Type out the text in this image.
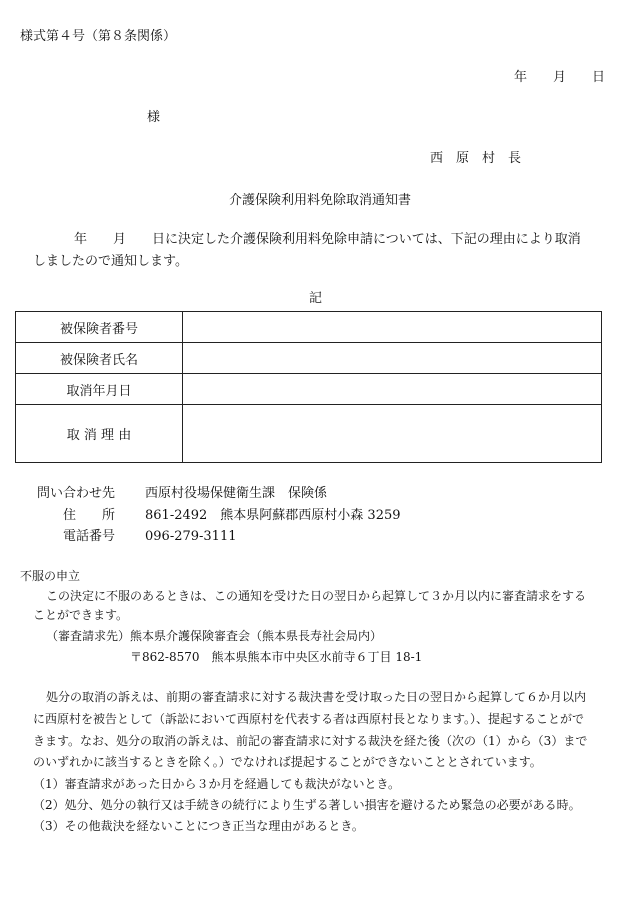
様式第４号（第８条関係）
年　　月　　日
様
西　原　村　長
介護保険利用料免除取消通知書
年　　月　　日に決定した介護保険利用料免除申請については、下記の理由により取消
しましたので通知します。
記
被保険者番号	
被保険者氏名	
取消年月日	
取 消 理 由	
問い合わせ先 西原村役場保健衛生課　保険係
住　　所 861-2492　熊本県阿蘇郡西原村小森 3259
電話番号 096-279-3111
不服の申立
この決定に不服のあるときは、この通知を受けた日の翌日から起算して３か月以内に審査請求をする
ことができます。
（審査請求先）熊本県介護保険審査会（熊本県長寿社会局内）
〒862-8570　熊本県熊本市中央区水前寺６丁目 18-1
処分の取消の訴えは、前期の審査請求に対する裁決書を受け取った日の翌日から起算して６か月以内
に西原村を被告として（訴訟において西原村を代表する者は西原村長となります。）、提起することがで
きます。なお、処分の取消の訴えは、前記の審査請求に対する裁決を経た後（次の（1）から（3）まで
のいずれかに該当するときを除く。）でなければ提起することができないこととされています。
（1）審査請求があった日から３か月を経過しても裁決がないとき。
（2）処分、処分の執行又は手続きの続行により生ずる著しい損害を避けるため緊急の必要がある時。
（3）その他裁決を経ないことにつき正当な理由があるとき。
